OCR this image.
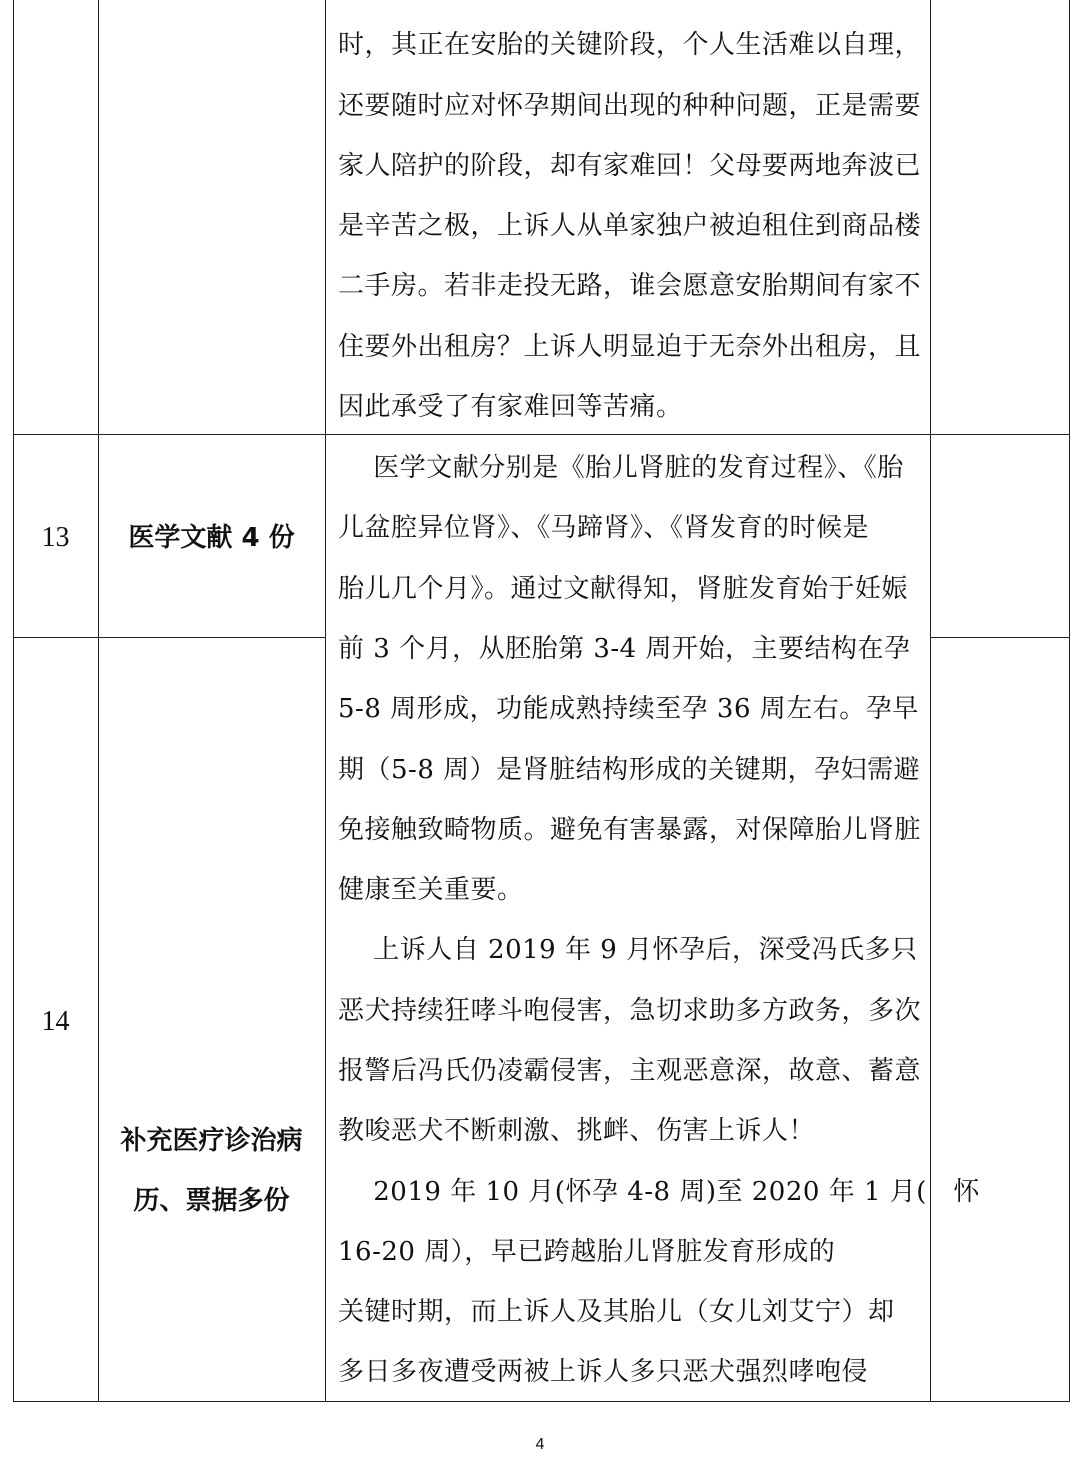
时，其正在安胎的关键阶段，个人生活难以自理，
还要随时应对怀孕期间出现的种种问题，正是需要
家人陪护的阶段，却有家难回！父母要两地奔波已
是辛苦之极，上诉人从单家独户被迫租住到商品楼
二手房。若非走投无路，谁会愿意安胎期间有家不
住要外出租房？上诉人明显迫于无奈外出租房，且
因此承受了有家难回等苦痛。
13	医学文献 4 份
14
补充医疗诊治病
历、票据多份
　 医学文献分别是《胎儿肾脏的发育过程》、《胎
儿盆腔异位肾》、《马蹄肾》、《肾发育的时候是
胎儿几个月》。通过文献得知，肾脏发育始于妊娠
前 3 个月，从胚胎第 3-4 周开始，主要结构在孕
5-8 周形成，功能成熟持续至孕 36 周左右。孕早
期（5-8 周）是肾脏结构形成的关键期，孕妇需避
免接触致畸物质。避免有害暴露，对保障胎儿肾脏
健康至关重要。
　 上诉人自 2019 年 9 月怀孕后，深受冯氏多只
恶犬持续狂哮斗咆侵害，急切求助多方政务，多次
报警后冯氏仍凌霸侵害，主观恶意深，故意、蓄意
教唆恶犬不断刺激、挑衅、伤害上诉人！
　 2019 年 10 月(怀孕 4-8 周)至 2020 年 1 月(　怀
16-20 周），早已跨越胎儿肾脏发育形成的
关键时期，而上诉人及其胎儿（女儿刘艾宁）却
多日多夜遭受两被上诉人多只恶犬强烈哮咆侵
4
